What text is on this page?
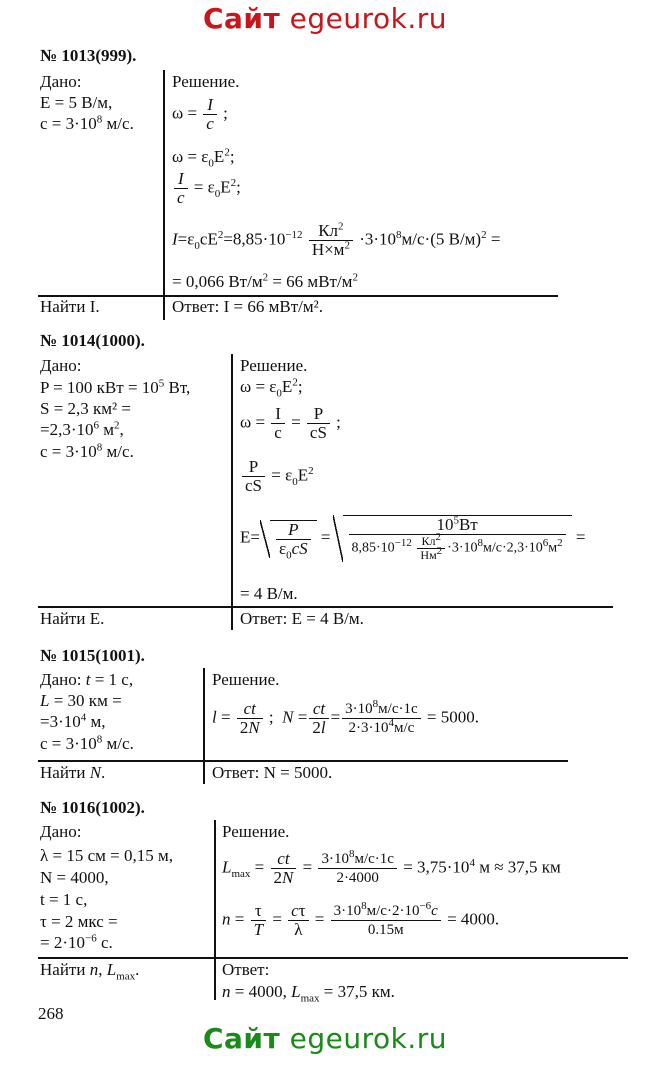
Сайт egeurok.ru
Сайт egeurok.ru
№ 1013(999).
Дано:
E = 5 В/м,
$c = 3\cdot 10^8$ м/с.
Решение.
$\omega = \frac{I}{c}$ ;
$\omega = \varepsilon_0E^2$;
$\frac{I}{c} = \varepsilon_0E^2$;
$I=\varepsilon_0cE^2=8,85\cdot 10^{-12} \frac{Кл^2}{Н\times м^2} \cdot 3\cdot 10^8м/с\cdot(5$ В/м)$^2$ =
= 0,066 $Вт/м^2 = 66$ мВт/$м^2$
Найти I.	Ответ: I = 66 мВт/м².
№ 1014(1000).
Дано:
P = 100 кВт = $10^5$ Вт,
S = 2,3 км² =
$=2,3\cdot 10^6$ $м^2$,
$c = 3\cdot 10^8$ м/с.
Решение.
$\omega = \varepsilon_0E^2$;
$\omega = \frac{I}{c} = \frac{P}{cS}$ ;
$\frac{P}{cS} = \varepsilon_0E^2$
$E= \frac{P}{\varepsilon_0cS} = \frac{10^5Вт}{8,85\cdot 10^{-12} \frac{Кл^2}{Нм^2} \cdot 3\cdot 10^8м/с\cdot 2,3\cdot 10^6м^2}$ =
= 4 В/м.
Найти E.	Ответ: E = 4 В/м.
№ 1015(1001).
Дано: t = 1 c,
L = 30 км =
$=3\cdot 10^4$ м,
$c = 3\cdot 10^8$ м/с.
Решение.
$l = \frac{ct}{2N}$ ;  $N = \frac{ct}{2l} = \frac{3\cdot 10^8м/с\cdot 1с}{2\cdot 3\cdot 10^4м/с} = 5000$.
Найти N.	Ответ: N = 5000.
№ 1016(1002).
Дано:
λ = 15 см = 0,15 м,
N = 4000,
t = 1 c,
τ = 2 мкс =
= $2\cdot 10^{-6}$ с.
Решение.
$L_{max} = \frac{ct}{2N} = \frac{3\cdot 10^8м/с\cdot 1с}{2\cdot 4000} = 3,75\cdot 10^4$ м ≈ 37,5 км
$n = \frac{\tau}{T} = \frac{c\tau}{\lambda} = \frac{3\cdot 10^8м/с\cdot 2\cdot 10^{-6}c}{0.15м} = 4000$.
Найти n, $L_{max}$.	Ответ:
n = 4000, $L_{max} = 37,5$ км.
268
